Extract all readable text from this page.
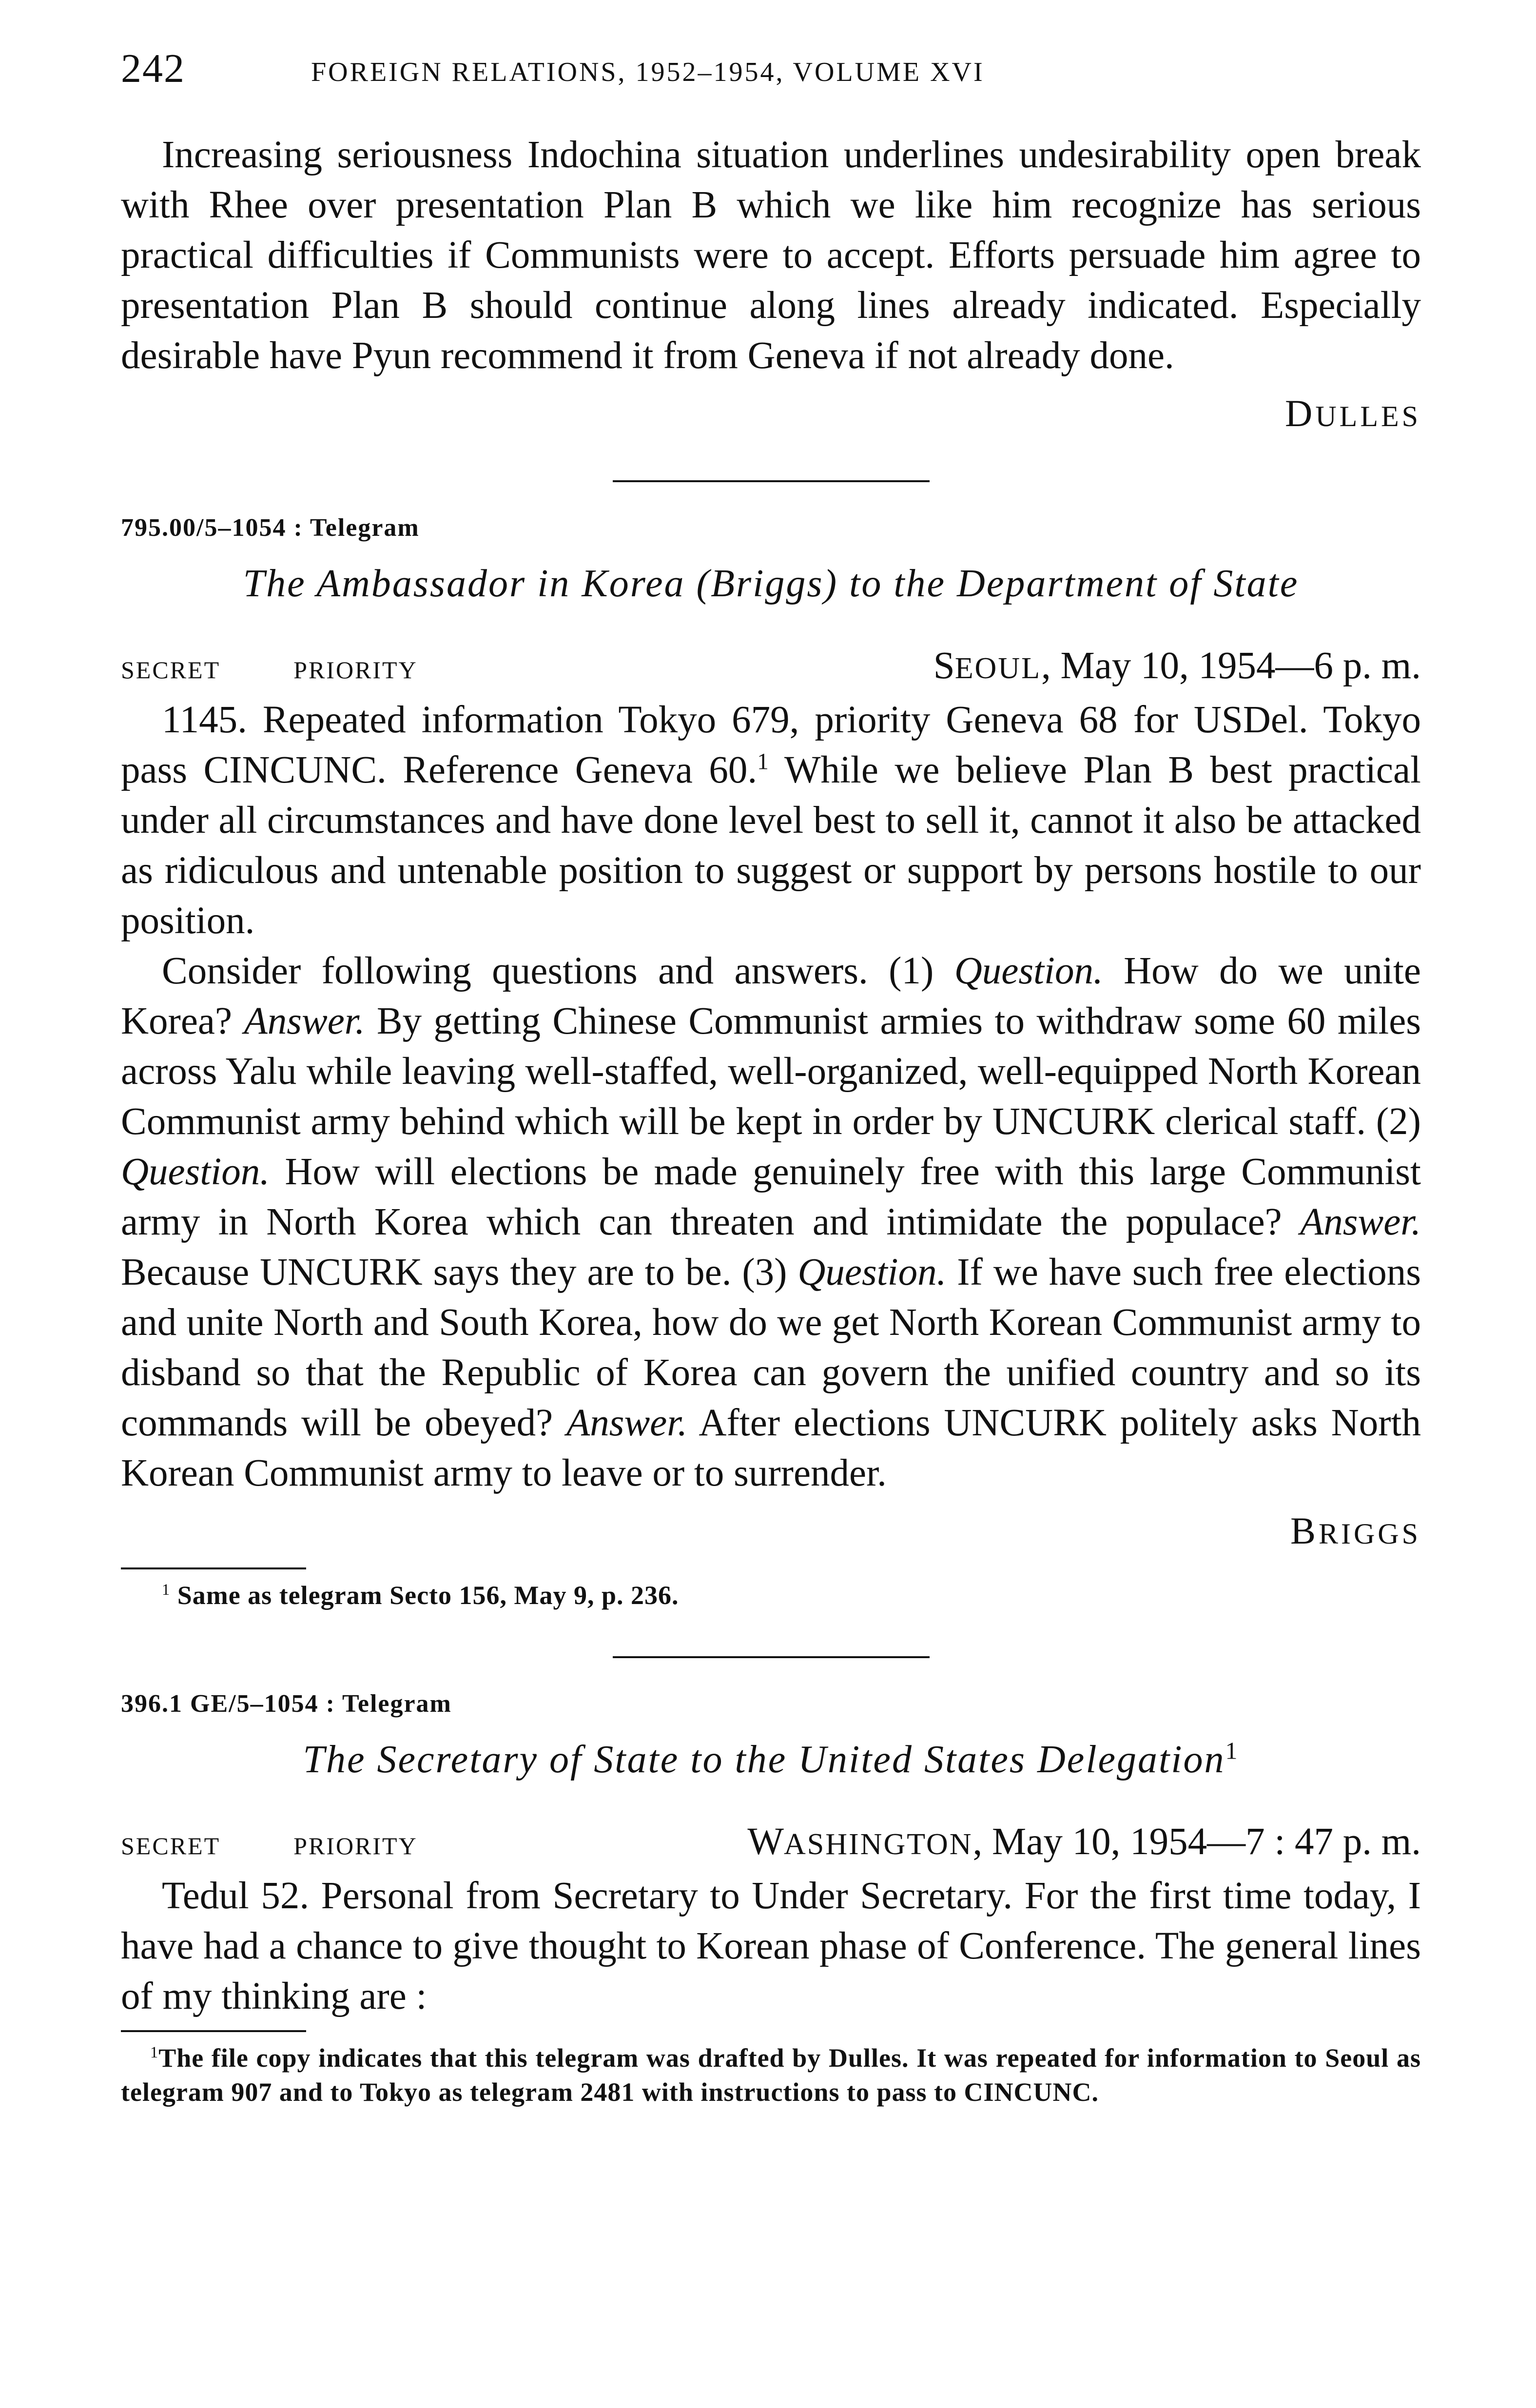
242	FOREIGN RELATIONS, 1952–1954, VOLUME XVI

Increasing seriousness Indochina situation underlines undesirability open break with Rhee over presentation Plan B which we like him recognize has serious practical difficulties if Communists were to accept. Efforts persuade him agree to presentation Plan B should continue along lines already indicated. Especially desirable have Pyun recommend it from Geneva if not already done.

DULLES
795.00/5–1054 : Telegram
The Ambassador in Korea (Briggs) to the Department of State
SECRET	PRIORITY	SEOUL, May 10, 1954—6 p. m.

1145. Repeated information Tokyo 679, priority Geneva 68 for USDel. Tokyo pass CINCUNC. Reference Geneva 60.$^1$ While we believe Plan B best practical under all circumstances and have done level best to sell it, cannot it also be attacked as ridiculous and untenable position to suggest or support by persons hostile to our position.

Consider following questions and answers. (1) Question. How do we unite Korea? Answer. By getting Chinese Communist armies to withdraw some 60 miles across Yalu while leaving well-staffed, well-organized, well-equipped North Korean Communist army behind which will be kept in order by UNCURK clerical staff. (2) Question. How will elections be made genuinely free with this large Communist army in North Korea which can threaten and intimidate the populace? Answer. Because UNCURK says they are to be. (3) Question. If we have such free elections and unite North and South Korea, how do we get North Korean Communist army to disband so that the Republic of Korea can govern the unified country and so its commands will be obeyed? Answer. After elections UNCURK politely asks North Korean Communist army to leave or to surrender.

BRIGGS

$^1$ Same as telegram Secto 156, May 9, p. 236.

396.1 GE/5–1054 : Telegram
The Secretary of State to the United States Delegation$^1$
SECRET	PRIORITY	WASHINGTON, May 10, 1954—7 : 47 p. m.

Tedul 52. Personal from Secretary to Under Secretary. For the first time today, I have had a chance to give thought to Korean phase of Conference. The general lines of my thinking are :

$^1$The file copy indicates that this telegram was drafted by Dulles. It was repeated for information to Seoul as telegram 907 and to Tokyo as telegram 2481 with instructions to pass to CINCUNC.
